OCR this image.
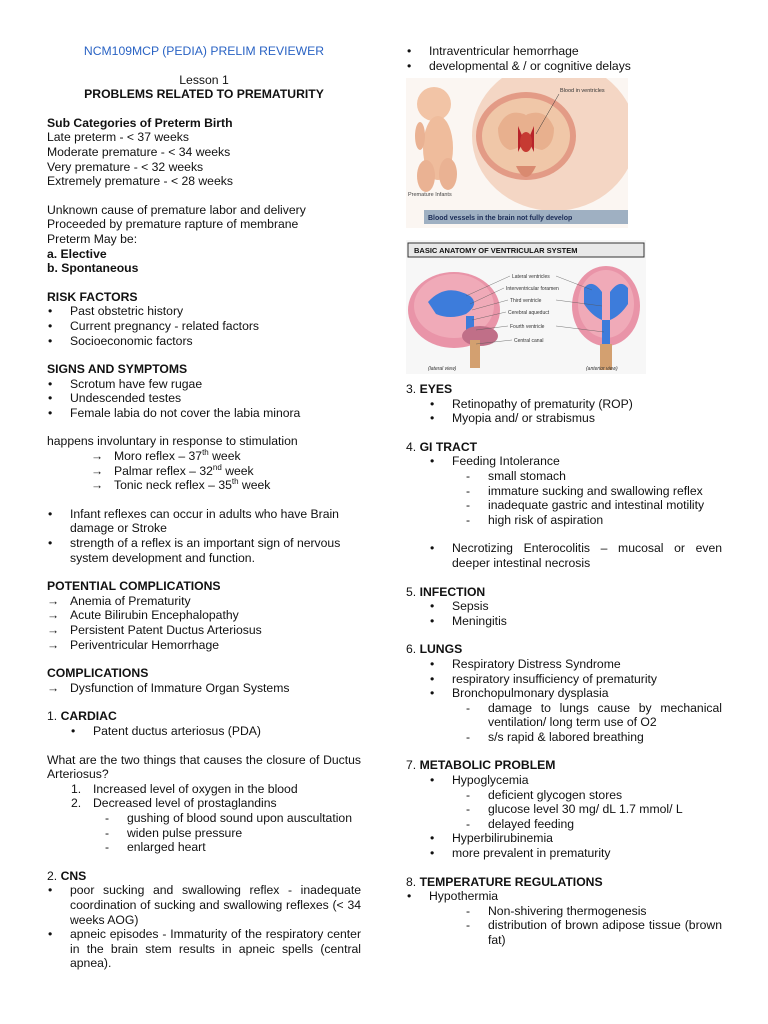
NCM109MCP (PEDIA) PRELIM REVIEWER

Lesson 1

PROBLEMS RELATED TO PREMATURITY

Sub Categories of Preterm Birth

Late preterm - < 37 weeks

Moderate premature - < 34 weeks

Very premature - < 32 weeks

Extremely premature - < 28 weeks

Unknown cause of premature labor and delivery

Proceeded by premature rapture of membrane

Preterm May be:

a. Elective

b. Spontaneous

RISK FACTORS

• Past obstetric history

• Current pregnancy - related factors

• Socioeconomic factors

SIGNS AND SYMPTOMS

• Scrotum have few rugae

• Undescended testes

• Female labia do not cover the labia minora

happens involuntary in response to stimulation

→ Moro reflex – 37th week

→ Palmar reflex – 32nd week

→ Tonic neck reflex – 35th week

• Infant reflexes can occur in adults who have Brain damage or Stroke

• strength of a reflex is an important sign of nervous system development and function.

POTENTIAL COMPLICATIONS

→ Anemia of Prematurity

→ Acute Bilirubin Encephalopathy

→ Persistent Patent Ductus Arteriosus

→ Periventricular Hemorrhage

COMPLICATIONS

→ Dysfunction of Immature Organ Systems

1. CARDIAC

• Patent ductus arteriosus (PDA)

What are the two things that causes the closure of Ductus Arteriosus?

1. Increased level of oxygen in the blood

2. Decreased level of prostaglandins

- gushing of blood sound upon auscultation

- widen pulse pressure

- enlarged heart

2. CNS

• poor sucking and swallowing reflex - inadequate coordination of sucking and swallowing reflexes (< 34 weeks AOG)

• apneic episodes - Immaturity of the respiratory center in the brain stem results in apneic spells (central apnea).

• Intraventricular hemorrhage

• developmental & / or cognitive delays

Premature Infants
Blood in ventricles
Blood vessels in the brain not fully develop
BASIC ANATOMY OF VENTRICULAR SYSTEM
Lateral ventricles
Interventricular foramen
Third ventricle
Cerebral aqueduct
Fourth ventricle
Central canal
(lateral view)	(anterior view)

3. EYES

• Retinopathy of prematurity (ROP)

• Myopia and/ or strabismus

4. GI TRACT

• Feeding Intolerance

- small stomach

- immature sucking and swallowing reflex

- inadequate gastric and intestinal motility

- high risk of aspiration

• Necrotizing Enterocolitis – mucosal or even deeper intestinal necrosis

5. INFECTION

• Sepsis

• Meningitis

6. LUNGS

• Respiratory Distress Syndrome

• respiratory insufficiency of prematurity

• Bronchopulmonary dysplasia

- damage to lungs cause by mechanical ventilation/ long term use of O2

- s/s rapid & labored breathing

7. METABOLIC PROBLEM

• Hypoglycemia

- deficient glycogen stores

- glucose level 30 mg/ dL 1.7 mmol/ L

- delayed feeding

• Hyperbilirubinemia

• more prevalent in prematurity

8. TEMPERATURE REGULATIONS

• Hypothermia

- Non-shivering thermogenesis

- distribution of brown adipose tissue (brown fat)
